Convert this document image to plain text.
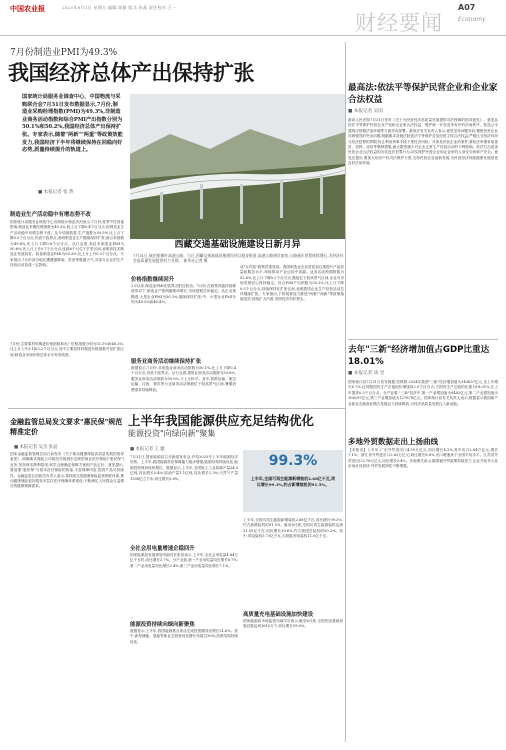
中国农业报	2025年8月1日 星期五 编辑:陈颖 版式:张晶 责任校对:王一
财经要闻
A07
Economy
7月份制造业PMI为49.3%
我国经济总体产出保持扩张
国家统计局服务业调查中心、中国物流与采购联合会7月31日发布数据显示,7月份,制造业采购经理指数(PMI)为49.3%,非制造业商务活动指数和综合PMI产出指数分别为50.1%和50.2%,我国经济总体产出保持扩张。专家表示,随着"两新""两重"等政策效能发力,我国经济下半年将继续保持在回稳向好态势,质量持续提升的轨道上。
■ 本报记者 张 然
西藏交通基础设施建设日新月异
7月31日,航拍的雅叶高速公路。当日,西藏交通基础设施建设项目稳步推进,高速公路建设加快,公路通车里程持续增长,为经济社会高质量发展提供有力支撑。 新华社记者 摄
制造业生产活动稳中有增态势不改
国家统计局服务业调查中心首席统计师赵庆河表示,7月份,受季节性因素影响,制造业采购经理指数为49.3%,较上月下降0.4个百分点,但制造业生产活动稳中有增态势不改。从分项指数看,生产指数为50.5%,比上月下降0.5个百分点,仍高于临界点,表明制造业生产继续保持扩张;新订单指数为49.4%,比上月下降0.8个百分点。从行业看,高技术制造业PMI为50.6%,比上月上升0.7个百分点,连续6个月位于扩张区间,表明高技术制造业发展向好。装备制造业PMI为50.3%,比上月上升0.2个百分点。专家指出,7月份部分地区遭遇强降雨、洪涝等极端天气,对部分企业的生产经营活动造成一定影响。
7月份,主要原材料购进价格指数和出厂价格指数分别为51.5%和48.3%,比上月上升3.1和2.2个百分点,其中主要原材料购进价格指数升至扩张区间,制造业市场价格总体水平有所改善。
价格指数继续回升
2月以来,制造业PMI在临界点附近波动。7月份,在政策效能持续释放带动下,制造业产需两端保持增长,市场预期总体稳定。从企业规模看,大型企业PMI为50.3%,继续保持扩张;中、小型企业PMI分别为48.5%和46.4%。
服务业商务活动继续保持扩张
数据显示,7月份,非制造业商务活动指数为50.1%,比上月下降0.4个百分点,仍高于临界点。从行业看,建筑业商务活动指数为50.6%;服务业商务活动指数为50.0%,与上月持平。其中,铁路运输、航空运输、住宿、餐饮等行业商务活动指数位于较高景气区间,暑期消费需求持续释放。
成"反内卷"政策效果显现。我国制造业企业将更加注重提升产品质量和服务水平,持续推动产业迈向中高端。业务活动预期指数为52.6%,比上月下降0.2个百分点,继续位于较高景气区间,企业对市场发展信心保持稳定。综合PMI产出指数为50.2%,比上月下降0.5个百分点,持续保持在扩张区间,表明我国企业生产经营活动总体继续扩张。专家指出,下阶段要加力推进"两重""两新"等政策落地见效,持续扩大内需,巩固经济向好势头。
最高法:依法平等保护民营企业和企业家合法权益
■ 本报记者 吴雨
最高人民法院7月31日发布《关于为民营经济高质量发展提供司法保障的指导意见》。意见从依法平等保护民营企业产权和企业家合法权益、维护统一开放竞争有序的市场秩序、营造公平透明可预期法治环境等方面作出部署。最高法有关负责人表示,意见坚持问题导向,聚焦民营企业反映强烈的突出问题,明确要求各级法院依法平等保护各类经营主体合法权益,严格区分经济纠纷与经济犯罪的界限,防止利用刑事手段干预经济纠纷。对涉及民营企业的案件,要依法审慎采取查封、扣押、冻结等强制措施,最大限度减少对企业正常生产经营活动的不利影响。依法打击侵害民营企业合法权益的各类违法犯罪行为,切实保护民营企业和企业家的人身安全和财产安全。意见还提出,要加大知识产权司法保护力度,支持民营企业创新发展,为民营经济持续健康发展营造良好法治环境。
去年"三新"经济增加值占GDP比重达18.01%
■ 本报记者 谈 昱
国家统计局7月31日发布数据,经核算,2024年我国"三新"经济增加值为243657亿元,比上年增长6.7%,比同期国内生产总值现价增速高2.5个百分点;占国内生产总值的比重为18.01%,比上年提高0.3个百分点。分产业看,"三新"经济中,第一产业增加值为9482亿元,第二产业增加值为106297亿元,第三产业增加值为127878亿元。国家统计局有关负责人表示,数据显示我国新产业新业态新商业模式发展活力持续释放,为经济高质量发展注入新动能。
多地外贸数据走出上扬曲线
【本报讯】上半年,广东外贸进出口4.55万亿元,同比增长4.2%,其中出口2.84万亿元,增长7.1%。浙江省外贸进出口2.82万亿元,同比增长6.8%,出口增速高于全国平均水平。江苏省外贸进出口2.76万亿元,同比增长3.4%。多地海关表示,随着稳外贸政策持续发力,企业开拓多元化市场步伐加快,外贸发展韧性不断增强。
金融监管总局发文要求"惠民保"规范精准定价
■ 本报记者 吴杰 张晶
国家金融监督管理总局日前发布《关于推动健康保险高质量发展的指导意见》,明确要求保险公司规范开展城市定制型商业医疗保险("惠民保")业务,坚持保本微利原则,科学合理确定保障方案和产品定价。意见提出,要加强"惠民保"与基本医疗保险的衔接,丰富保障内容,提高产品可持续性。金融监管总局相关负责人表示,将持续完善健康保险监管制度体系,推动健康保险更好服务多层次医疗保障体系建设,不断满足人民群众日益增长的健康保障需求。
上半年我国能源供应充足结构优化
能源投资"向绿向新"聚集
■ 本报记者 王 璇
99.3%
上半年,全国可再生能源新增装机2.68亿千瓦,同比增长99.3%,约占新增装机的91.5%。
7月31日,国家能源局召开新闻发布会,介绍2025年上半年能源经济形势。上半年,我国能源供应保障能力稳步增强,能源结构持续优化,能源投资保持较快增长。数据显示,上半年,全国规上工业原煤产量24.0亿吨,同比增长5.4%;原油产量1.1亿吨,同比增长1.3%;天然气产量1308亿立方米,同比增长5.8%。
全社会用电量增速企稳回升
国家能源局发展规划司副司长张星表示,上半年,全社会用电量4.84万亿千瓦时,同比增长3.7%。分产业看,第一产业用电量同比增长8.7%,第二产业用电量同比增长2.4%,第三产业用电量同比增长7.1%。
能源投资持续向绿向新聚焦
数据显示,上半年,我国能源重点项目完成投资额同比增长21.6%。其中,新型储能、氢能等新业态投资同比增长均超过30%,投资结构持续优化。
上半年,全国可再生能源新增装机2.68亿千瓦,同比增长99.3%,约占新增装机的91.5%。截至6月底,全国可再生能源装机达到21.59亿千瓦,同比增长30.6%,约占我国总装机的59.2%。其中,风电装机5.73亿千瓦,太阳能发电装机11.0亿千瓦。
高质量充电基础设施加快建设
国家能源局市场监管司副司长表示,截至6月底,全国充电基础设施总数达到1610万个,同比增长59.6%。
